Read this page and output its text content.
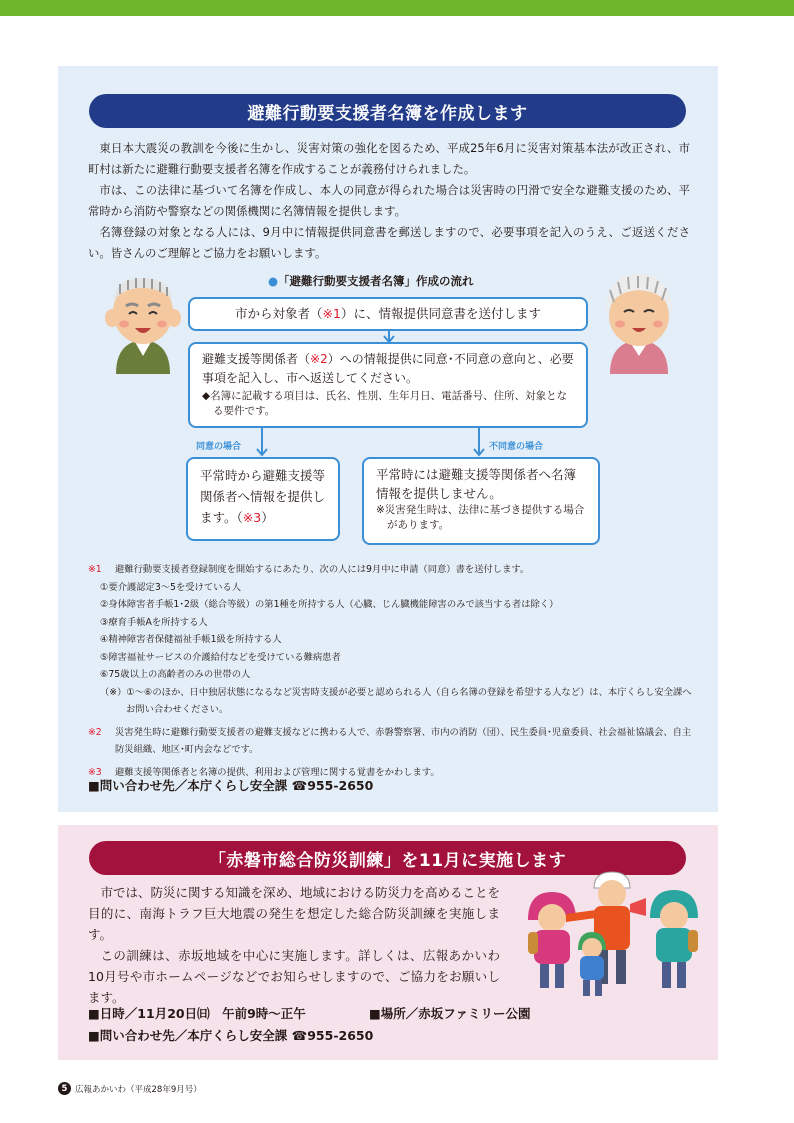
避難行動要支援者名簿を作成します

東日本大震災の教訓を今後に生かし、災害対策の強化を図るため、平成25年6月に災害対策基本法が改正され、市町村は新たに避難行動要支援者名簿を作成することが義務付けられました。

市は、この法律に基づいて名簿を作成し、本人の同意が得られた場合は災害時の円滑で安全な避難支援のため、平常時から消防や警察などの関係機関に名簿情報を提供します。

名簿登録の対象となる人には、9月中に情報提供同意書を郵送しますので、必要事項を記入のうえ、ご返送ください。皆さんのご理解とご協力をお願いします。

●「避難行動要支援者名簿」作成の流れ
市から対象者（※1）に、情報提供同意書を送付します
避難支援等関係者（※2）への情報提供に同意･不同意の意向と、必要事項を記入し、市へ返送してください。
◆名簿に記載する項目は、氏名、性別、生年月日、電話番号、住所、対象となる要件です。
同意の場合	不同意の場合
平常時から避難支援等関係者へ情報を提供します。（※3）
平常時には避難支援等関係者へ名簿情報を提供しません。
※災害発生時は、法律に基づき提供する場合があります。
※1	避難行動要支援者登録制度を開始するにあたり、次の人には9月中に申請（同意）書を送付します。
①要介護認定3～5を受けている人
②身体障害者手帳1･2級（総合等級）の第1種を所持する人（心臓、じん臓機能障害のみで該当する者は除く）
③療育手帳Aを所持する人
④精神障害者保健福祉手帳1級を所持する人
⑤障害福祉サービスの介護給付などを受けている難病患者
⑥75歳以上の高齢者のみの世帯の人
（※）①～⑥のほか、日中独居状態になるなど災害時支援が必要と認められる人（自ら名簿の登録を希望する人など）は、本庁くらし安全課へお問い合わせください。
※2	災害発生時に避難行動要支援者の避難支援などに携わる人で、赤磐警察署、市内の消防（団）、民生委員･児童委員、社会福祉協議会、自主防災組織、地区･町内会などです。
※3	避難支援等関係者と名簿の提供、利用および管理に関する覚書をかわします。
■問い合わせ先／本庁くらし安全課 ☎955-2650
「赤磐市総合防災訓練」を11月に実施します

市では、防災に関する知識を深め、地域における防災力を高めることを目的に、南海トラフ巨大地震の発生を想定した総合防災訓練を実施します。

この訓練は、赤坂地域を中心に実施します。詳しくは、広報あかいわ10月号や市ホームページなどでお知らせしますので、ご協力をお願いします。

■日時／11月20日㈰　午前9時～正午	■場所／赤坂ファミリー公園
■問い合わせ先／本庁くらし安全課 ☎955-2650
5 広報あかいわ（平成28年9月号）
